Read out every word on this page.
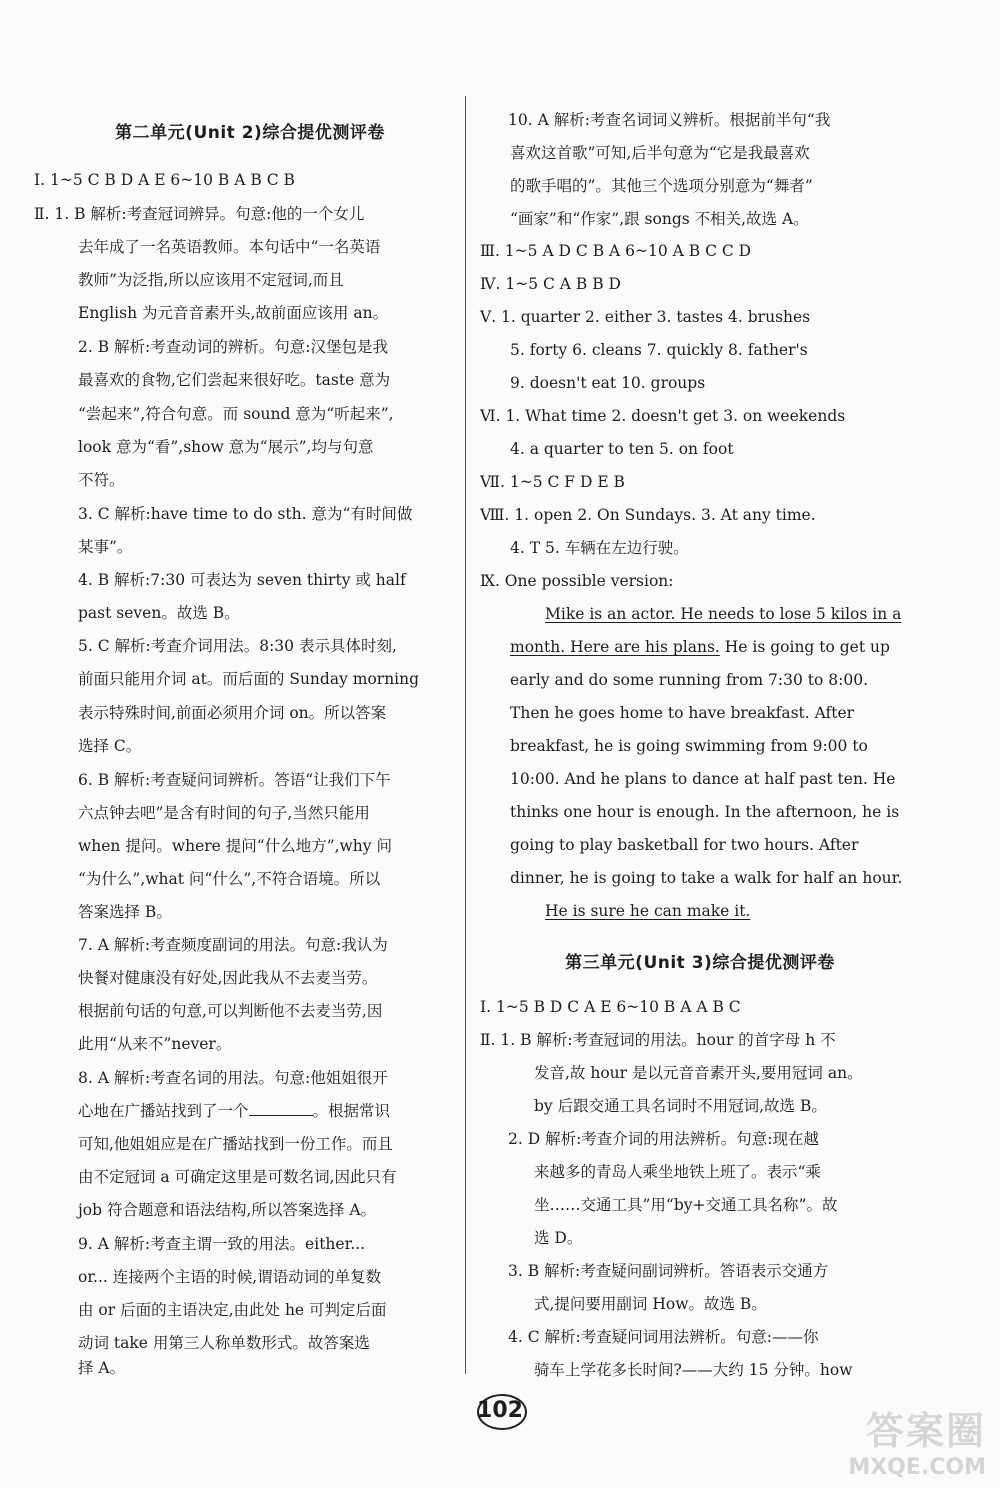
第二单元(Unit 2)综合提优测评卷
Ⅰ. 1~5 C B D A E 6~10 B A B C B
Ⅱ. 1. B 解析:考查冠词辨异。句意:他的一个女儿
去年成了一名英语教师。本句话中“一名英语
教师”为泛指,所以应该用不定冠词,而且
English 为元音音素开头,故前面应该用 an。
2. B 解析:考查动词的辨析。句意:汉堡包是我
最喜欢的食物,它们尝起来很好吃。taste 意为
“尝起来”,符合句意。而 sound 意为“听起来”,
look 意为“看”,show 意为“展示”,均与句意
不符。
3. C 解析:have time to do sth. 意为“有时间做
某事”。
4. B 解析:7:30 可表达为 seven thirty 或 half
past seven。故选 B。
5. C 解析:考查介词用法。8:30 表示具体时刻,
前面只能用介词 at。而后面的 Sunday morning
表示特殊时间,前面必须用介词 on。所以答案
选择 C。
6. B 解析:考查疑问词辨析。答语“让我们下午
六点钟去吧”是含有时间的句子,当然只能用
when 提问。where 提问“什么地方”,why 问
“为什么”,what 问“什么”,不符合语境。所以
答案选择 B。
7. A 解析:考查频度副词的用法。句意:我认为
快餐对健康没有好处,因此我从不去麦当劳。
根据前句话的句意,可以判断他不去麦当劳,因
此用“从来不”never。
8. A 解析:考查名词的用法。句意:他姐姐很开
心地在广播站找到了一个	。根据常识
可知,他姐姐应是在广播站找到一份工作。而且
由不定冠词 a 可确定这里是可数名词,因此只有
job 符合题意和语法结构,所以答案选择 A。
9. A 解析:考查主谓一致的用法。either...
or... 连接两个主语的时候,谓语动词的单复数
由 or 后面的主语决定,由此处 he 可判定后面
动词 take 用第三人称单数形式。故答案选
择 A。
10. A 解析:考查名词词义辨析。根据前半句“我
喜欢这首歌”可知,后半句意为“它是我最喜欢
的歌手唱的”。其他三个选项分别意为“舞者”
“画家”和“作家”,跟 songs 不相关,故选 A。
Ⅲ. 1~5 A D C B A 6~10 A B C C D
Ⅳ. 1~5 C A B B D
Ⅴ. 1. quarter 2. either 3. tastes 4. brushes
5. forty 6. cleans 7. quickly 8. father's
9. doesn't eat 10. groups
Ⅵ. 1. What time 2. doesn't get 3. on weekends
4. a quarter to ten 5. on foot
Ⅶ. 1~5 C F D E B
Ⅷ. 1. open 2. On Sundays. 3. At any time.
4. T 5. 车辆在左边行驶。
Ⅸ. One possible version:
Mike is an actor. He needs to lose 5 kilos in a
month. Here are his plans. He is going to get up
early and do some running from 7:30 to 8:00.
Then he goes home to have breakfast. After
breakfast, he is going swimming from 9:00 to
10:00. And he plans to dance at half past ten. He
thinks one hour is enough. In the afternoon, he is
going to play basketball for two hours. After
dinner, he is going to take a walk for half an hour.
He is sure he can make it.
第三单元(Unit 3)综合提优测评卷
Ⅰ. 1~5 B D C A E 6~10 B A A B C
Ⅱ. 1. B 解析:考查冠词的用法。hour 的首字母 h 不
发音,故 hour 是以元音音素开头,要用冠词 an。
by 后跟交通工具名词时不用冠词,故选 B。
2. D 解析:考查介词的用法辨析。句意:现在越
来越多的青岛人乘坐地铁上班了。表示“乘
坐……交通工具”用“by+交通工具名称”。故
选 D。
3. B 解析:考查疑问副词辨析。答语表示交通方
式,提问要用副词 How。故选 B。
4. C 解析:考查疑问词用法辨析。句意:——你
骑车上学花多长时间?——大约 15 分钟。how
102	答案圈
MXQE.COM
